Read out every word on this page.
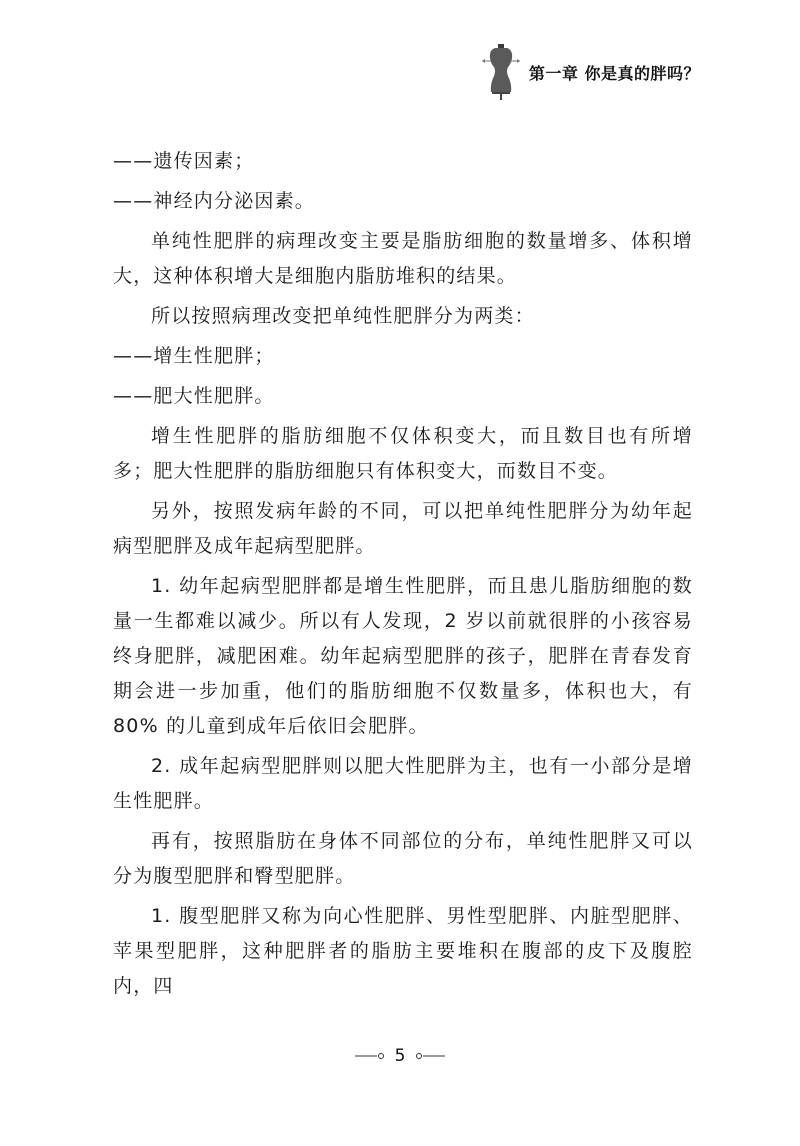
第一章 你是真的胖吗？

——遗传因素；

——神经内分泌因素。

单纯性肥胖的病理改变主要是脂肪细胞的数量增多、体积增大，这种体积增大是细胞内脂肪堆积的结果。

所以按照病理改变把单纯性肥胖分为两类：

——增生性肥胖；

——肥大性肥胖。

增生性肥胖的脂肪细胞不仅体积变大，而且数目也有所增多；肥大性肥胖的脂肪细胞只有体积变大，而数目不变。

另外，按照发病年龄的不同，可以把单纯性肥胖分为幼年起病型肥胖及成年起病型肥胖。

1. 幼年起病型肥胖都是增生性肥胖，而且患儿脂肪细胞的数量一生都难以减少。所以有人发现，2 岁以前就很胖的小孩容易终身肥胖，减肥困难。幼年起病型肥胖的孩子，肥胖在青春发育期会进一步加重，他们的脂肪细胞不仅数量多，体积也大，有 80% 的儿童到成年后依旧会肥胖。

2. 成年起病型肥胖则以肥大性肥胖为主，也有一小部分是增生性肥胖。

再有，按照脂肪在身体不同部位的分布，单纯性肥胖又可以分为腹型肥胖和臀型肥胖。

1. 腹型肥胖又称为向心性肥胖、男性型肥胖、内脏型肥胖、苹果型肥胖，这种肥胖者的脂肪主要堆积在腹部的皮下及腹腔内，四

5
